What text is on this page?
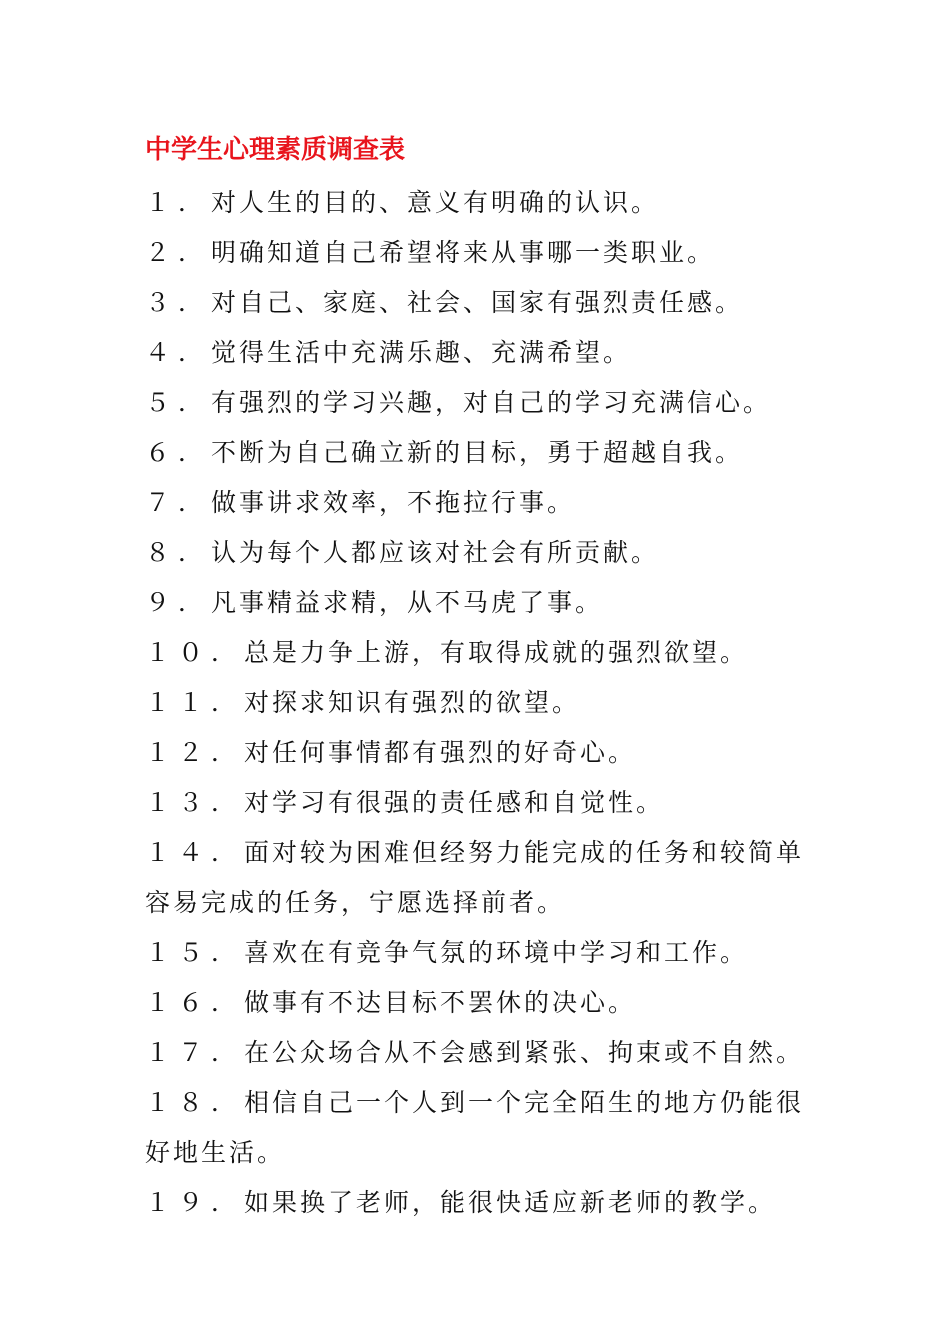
中学生心理素质调查表
１．对人生的目的、意义有明确的认识。
２．明确知道自己希望将来从事哪一类职业。
３．对自己、家庭、社会、国家有强烈责任感。
４．觉得生活中充满乐趣、充满希望。
５．有强烈的学习兴趣，对自己的学习充满信心。
６．不断为自己确立新的目标，勇于超越自我。
７．做事讲求效率，不拖拉行事。
８．认为每个人都应该对社会有所贡献。
９．凡事精益求精，从不马虎了事。
１０．总是力争上游，有取得成就的强烈欲望。
１１．对探求知识有强烈的欲望。
１２．对任何事情都有强烈的好奇心。
１３．对学习有很强的责任感和自觉性。
１４．面对较为困难但经努力能完成的任务和较简单容易完成的任务，宁愿选择前者。
１５．喜欢在有竞争气氛的环境中学习和工作。
１６．做事有不达目标不罢休的决心。
１７．在公众场合从不会感到紧张、拘束或不自然。
１８．相信自己一个人到一个完全陌生的地方仍能很好地生活。
１９．如果换了老师，能很快适应新老师的教学。
